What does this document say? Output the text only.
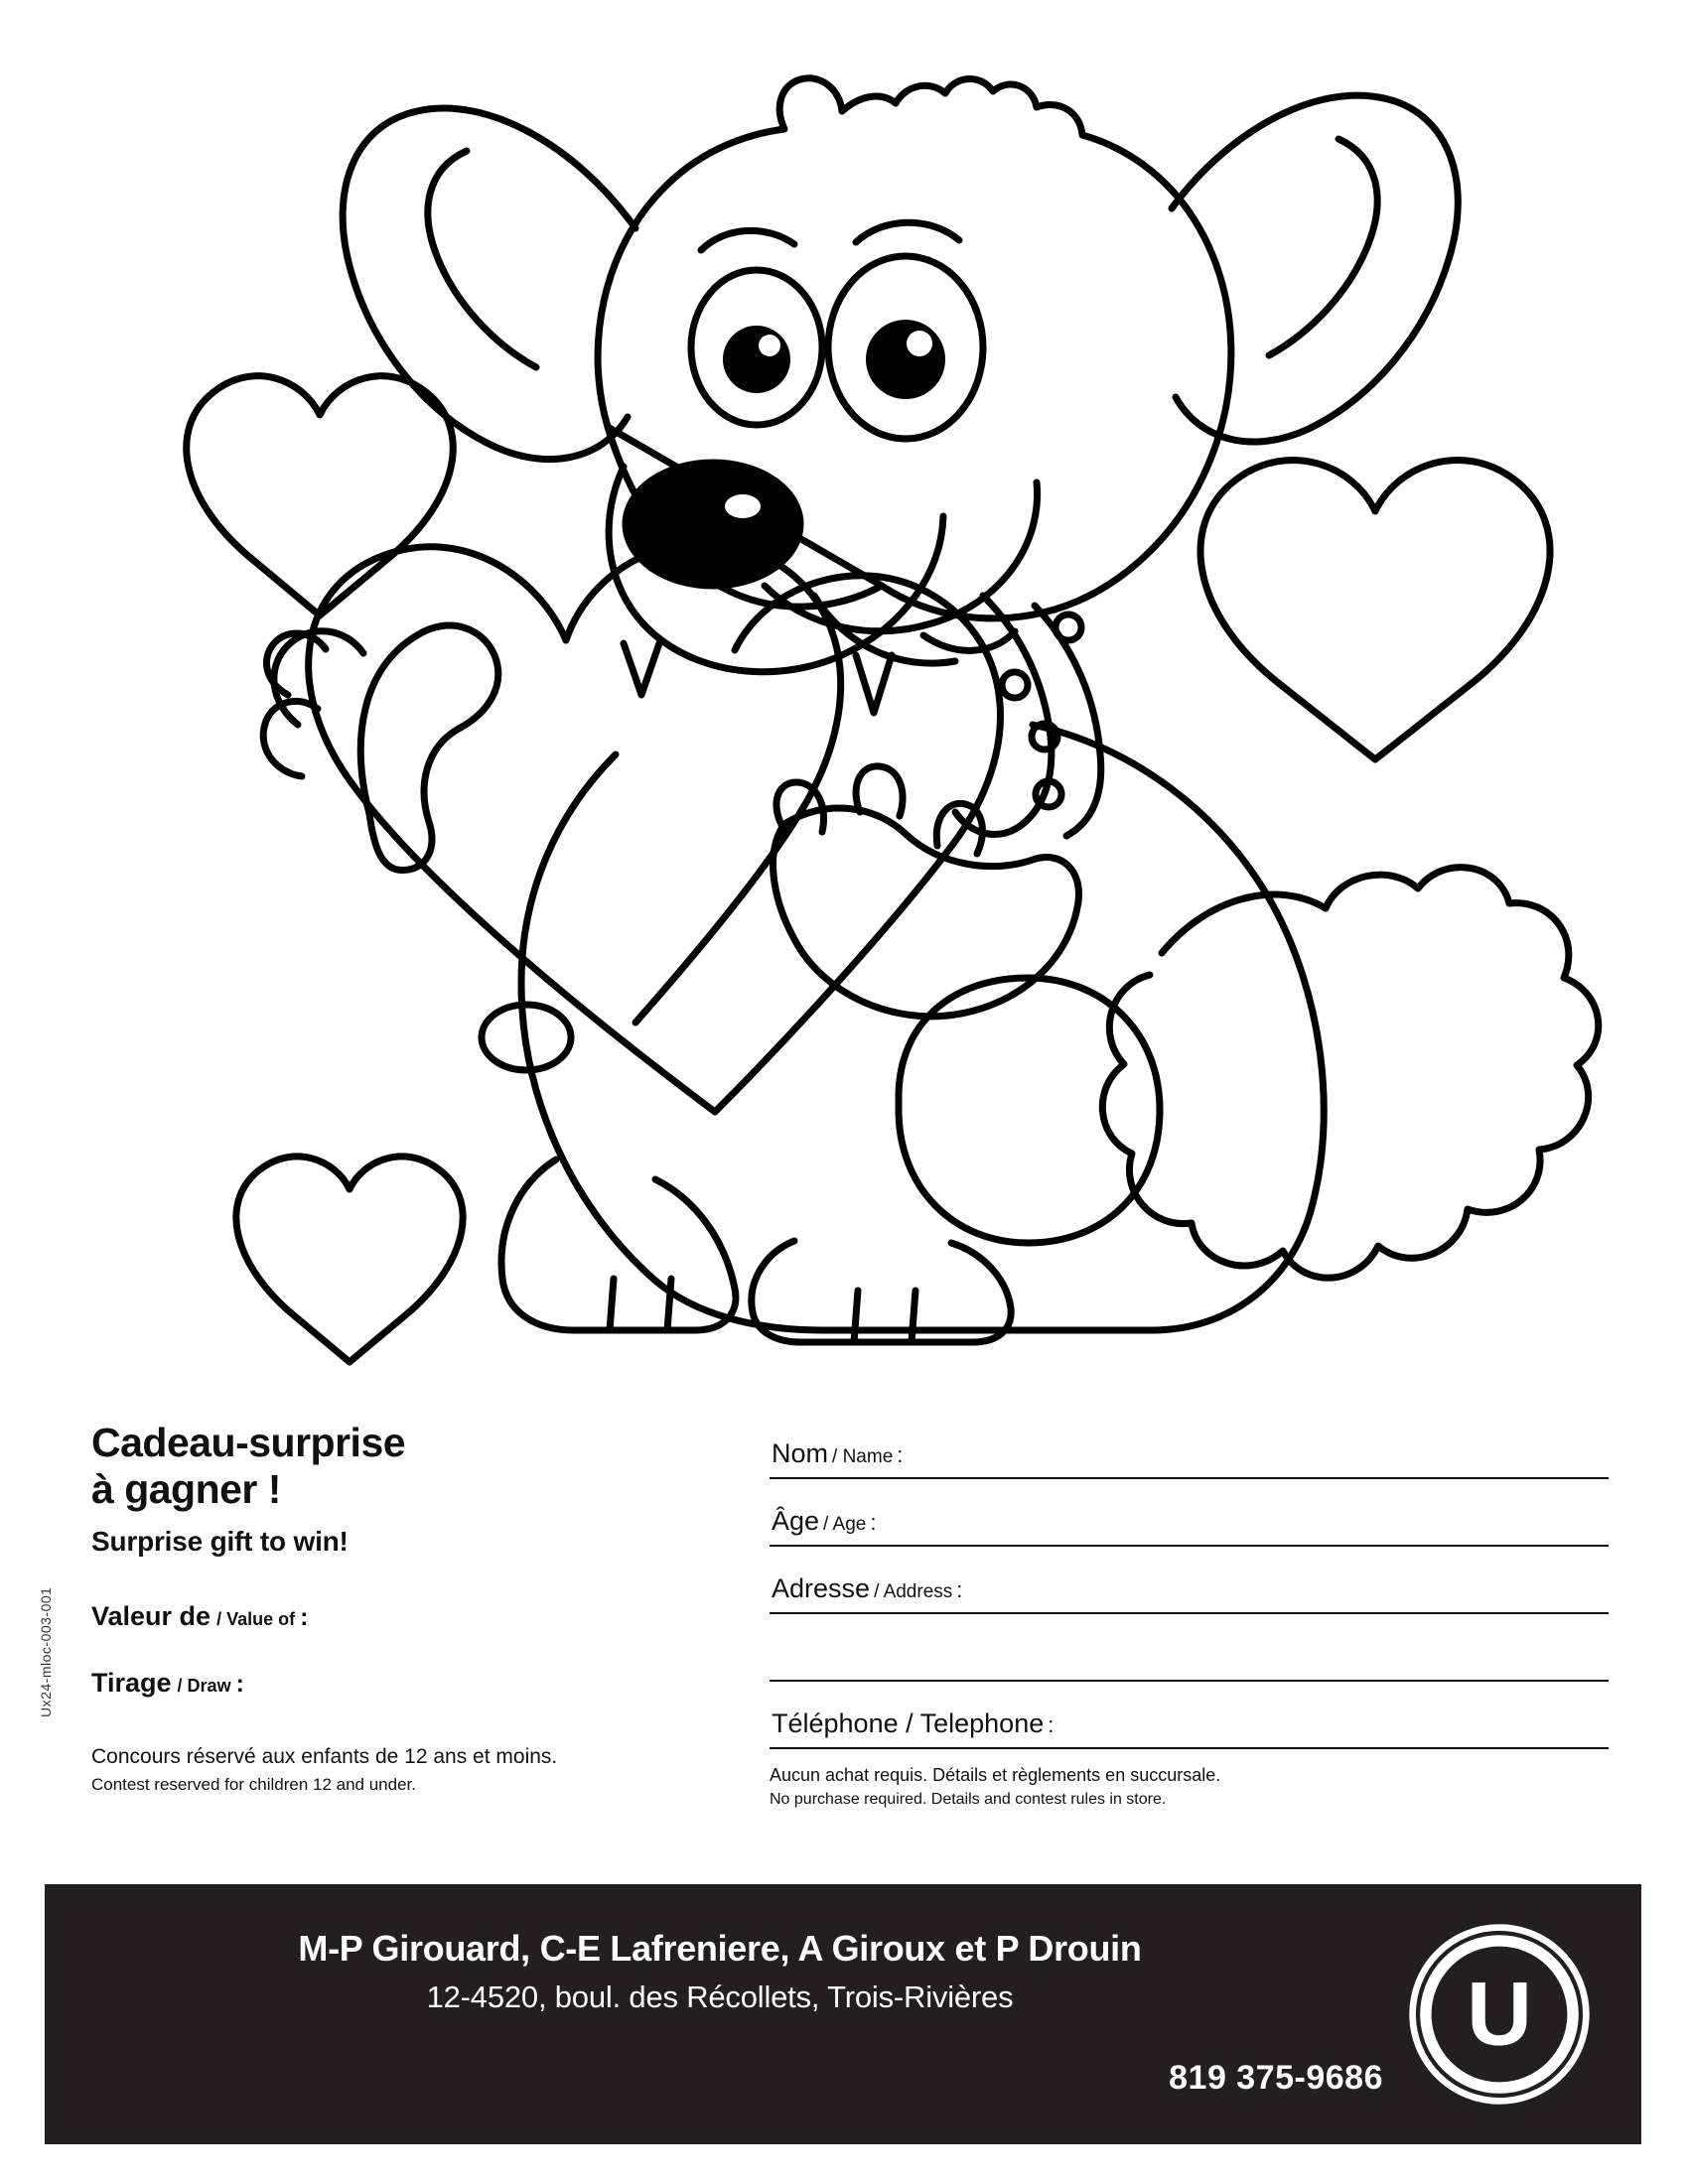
Ux24-mloc-003-001
Cadeau-surprise
à gagner !

Surprise gift to win!

Valeur de / Value of :
Tirage / Draw :

Concours réservé aux enfants de 12 ans et moins.

Contest reserved for children 12 and under.

Nom / Name :
Âge / Age :
Adresse / Address :
Téléphone / Telephone :

Aucun achat requis. Détails et règlements en succursale.

No purchase required. Details and contest rules in store.

M-P Girouard, C-E Lafreniere, A Giroux et P Drouin

12-4520, boul. des Récollets, Trois-Rivières

819 375-9686

U
